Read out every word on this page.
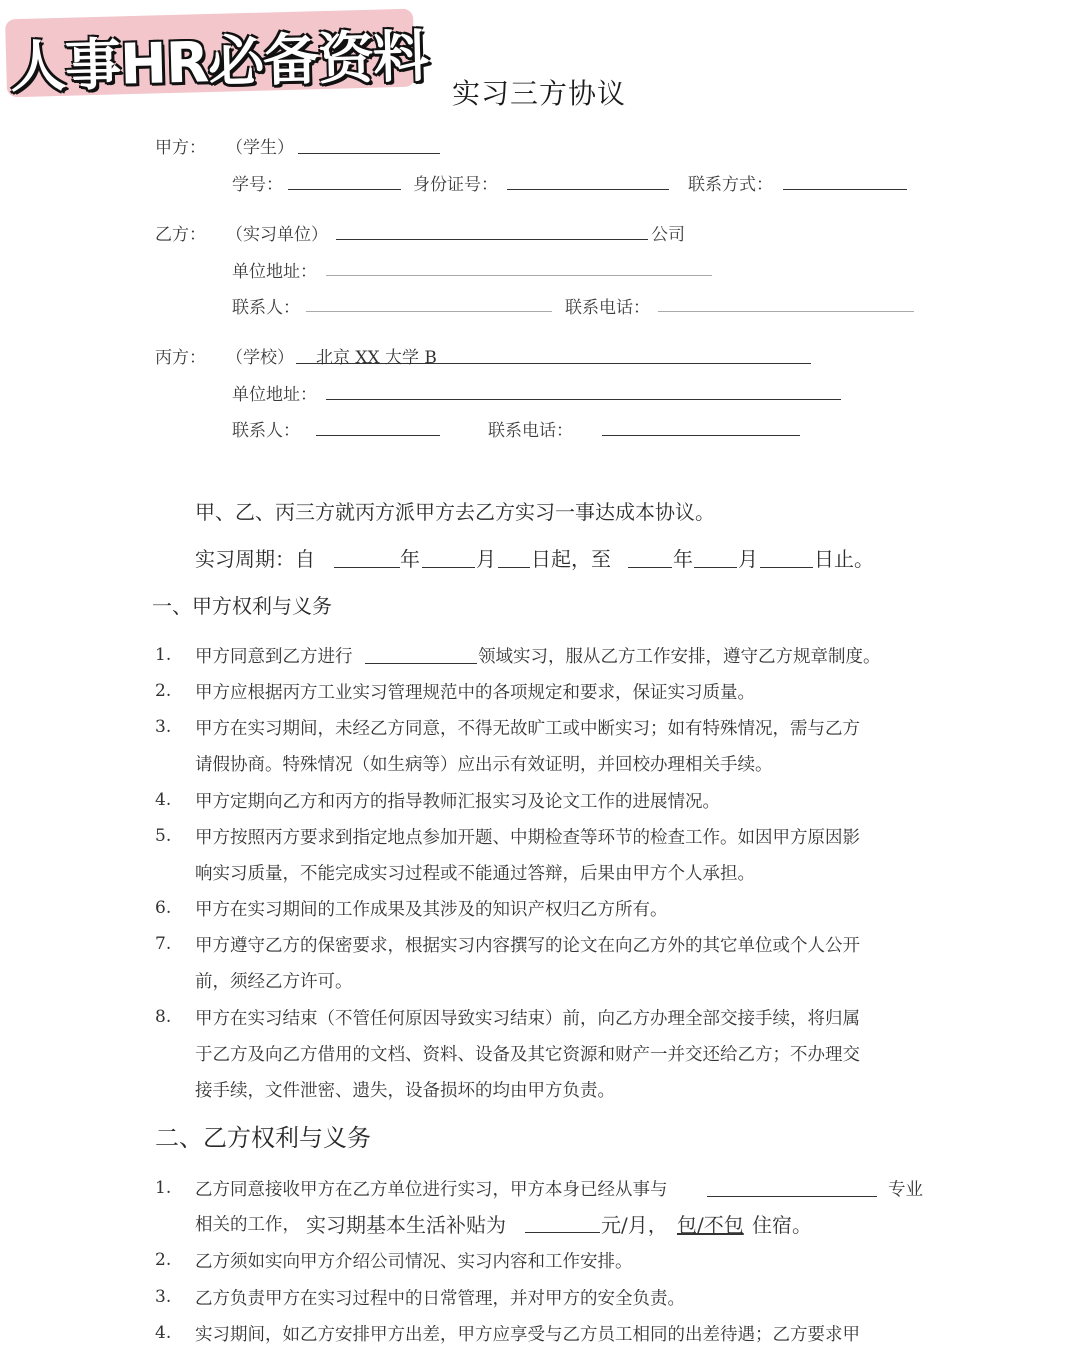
人事HR必备资料 实习三方协议
甲方： （学生）
学号：	身份证号：	联系方式：
乙方： （实习单位）	公司
单位地址：
联系人：	联系电话：
丙方： （学校） 北京 XX 大学 B
单位地址：
联系人：	联系电话：
甲、乙、丙三方就丙方派甲方去乙方实习一事达成本协议。
实习周期：自	年	月 日起，至	年 月	日止。
一、甲方权利与义务
1. 甲方同意到乙方进行	领域实习，服从乙方工作安排，遵守乙方规章制度。
2. 甲方应根据丙方工业实习管理规范中的各项规定和要求，保证实习质量。
3. 甲方在实习期间，未经乙方同意，不得无故旷工或中断实习；如有特殊情况，需与乙方
请假协商。特殊情况（如生病等）应出示有效证明，并回校办理相关手续。
4. 甲方定期向乙方和丙方的指导教师汇报实习及论文工作的进展情况。
5. 甲方按照丙方要求到指定地点参加开题、中期检查等环节的检查工作。如因甲方原因影
响实习质量，不能完成实习过程或不能通过答辩，后果由甲方个人承担。
6. 甲方在实习期间的工作成果及其涉及的知识产权归乙方所有。
7. 甲方遵守乙方的保密要求，根据实习内容撰写的论文在向乙方外的其它单位或个人公开
前，须经乙方许可。
8. 甲方在实习结束（不管任何原因导致实习结束）前，向乙方办理全部交接手续，将归属
于乙方及向乙方借用的文档、资料、设备及其它资源和财产一并交还给乙方；不办理交
接手续，文件泄密、遗失，设备损坏的均由甲方负责。
二、乙方权利与义务
1. 乙方同意接收甲方在乙方单位进行实习，甲方本身已经从事与	专业
相关的工作， 实习期基本生活补贴为	元/月， 包/不包 住宿。
2. 乙方须如实向甲方介绍公司情况、实习内容和工作安排。
3. 乙方负责甲方在实习过程中的日常管理，并对甲方的安全负责。
4. 实习期间，如乙方安排甲方出差，甲方应享受与乙方员工相同的出差待遇；乙方要求甲
